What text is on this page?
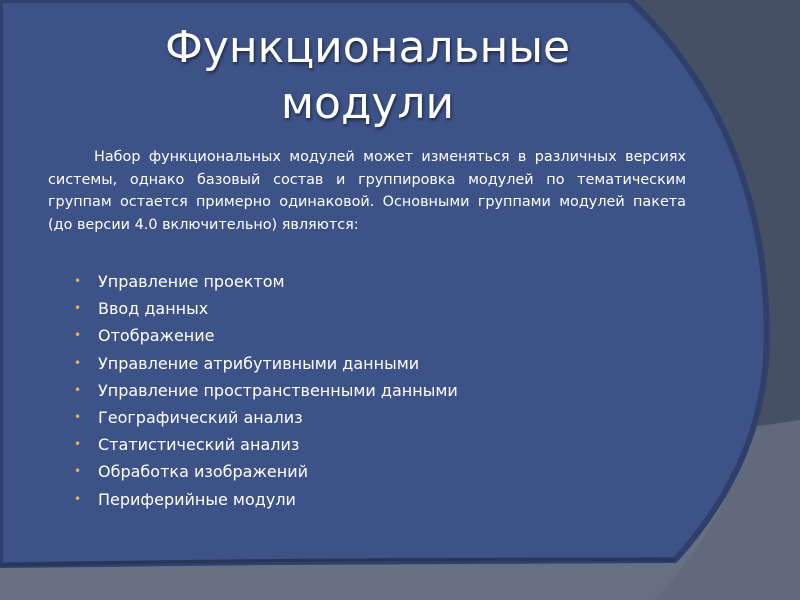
Функциональные
модули

Набор функциональных модулей может изменяться в различных версиях системы, однако базовый состав и группировка модулей по тематическим группам остается примерно одинаковой. Основными группами модулей пакета (до версии 4.0 включительно) являются:

• Управление проектом
• Ввод данных
• Отображение
• Управление атрибутивными данными
• Управление пространственными данными
• Географический анализ
• Статистический анализ
• Обработка изображений
• Периферийные модули
